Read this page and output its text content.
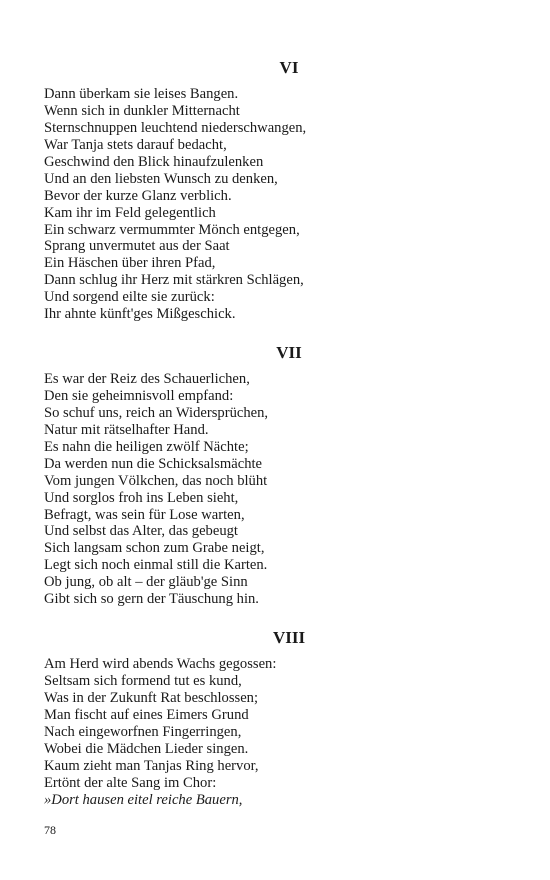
VI
Dann überkam sie leises Bangen.
Wenn sich in dunkler Mitternacht
Sternschnuppen leuchtend niederschwangen,
War Tanja stets darauf bedacht,
Geschwind den Blick hinaufzulenken
Und an den liebsten Wunsch zu denken,
Bevor der kurze Glanz verblich.
Kam ihr im Feld gelegentlich
Ein schwarz vermummter Mönch entgegen,
Sprang unvermutet aus der Saat
Ein Häschen über ihren Pfad,
Dann schlug ihr Herz mit stärkren Schlägen,
Und sorgend eilte sie zurück:
Ihr ahnte künft'ges Mißgeschick.
VII
Es war der Reiz des Schauerlichen,
Den sie geheimnisvoll empfand:
So schuf uns, reich an Widersprüchen,
Natur mit rätselhafter Hand.
Es nahn die heiligen zwölf Nächte;
Da werden nun die Schicksalsmächte
Vom jungen Völkchen, das noch blüht
Und sorglos froh ins Leben sieht,
Befragt, was sein für Lose warten,
Und selbst das Alter, das gebeugt
Sich langsam schon zum Grabe neigt,
Legt sich noch einmal still die Karten.
Ob jung, ob alt – der gläub'ge Sinn
Gibt sich so gern der Täuschung hin.
VIII
Am Herd wird abends Wachs gegossen:
Seltsam sich formend tut es kund,
Was in der Zukunft Rat beschlossen;
Man fischt auf eines Eimers Grund
Nach eingeworfnen Fingerringen,
Wobei die Mädchen Lieder singen.
Kaum zieht man Tanjas Ring hervor,
Ertönt der alte Sang im Chor:
»Dort hausen eitel reiche Bauern,
78
